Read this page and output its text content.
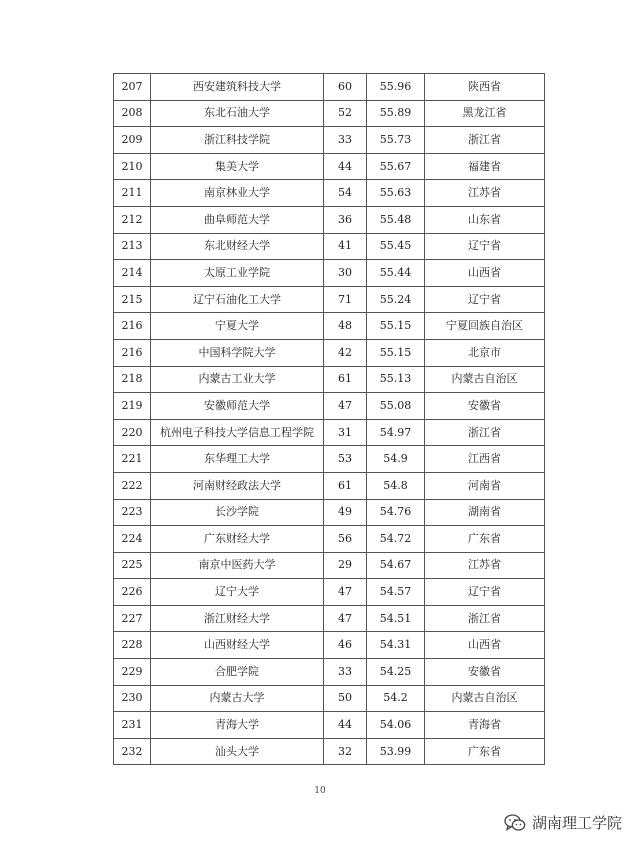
207	西安建筑科技大学	60	55.96	陕西省
208	东北石油大学	52	55.89	黑龙江省
209	浙江科技学院	33	55.73	浙江省
210	集美大学	44	55.67	福建省
211	南京林业大学	54	55.63	江苏省
212	曲阜师范大学	36	55.48	山东省
213	东北财经大学	41	55.45	辽宁省
214	太原工业学院	30	55.44	山西省
215	辽宁石油化工大学	71	55.24	辽宁省
216	宁夏大学	48	55.15	宁夏回族自治区
216	中国科学院大学	42	55.15	北京市
218	内蒙古工业大学	61	55.13	内蒙古自治区
219	安徽师范大学	47	55.08	安徽省
220	杭州电子科技大学信息工程学院	31	54.97	浙江省
221	东华理工大学	53	54.9	江西省
222	河南财经政法大学	61	54.8	河南省
223	长沙学院	49	54.76	湖南省
224	广东财经大学	56	54.72	广东省
225	南京中医药大学	29	54.67	江苏省
226	辽宁大学	47	54.57	辽宁省
227	浙江财经大学	47	54.51	浙江省
228	山西财经大学	46	54.31	山西省
229	合肥学院	33	54.25	安徽省
230	内蒙古大学	50	54.2	内蒙古自治区
231	青海大学	44	54.06	青海省
232	汕头大学	32	53.99	广东省
10
湖南理工学院
